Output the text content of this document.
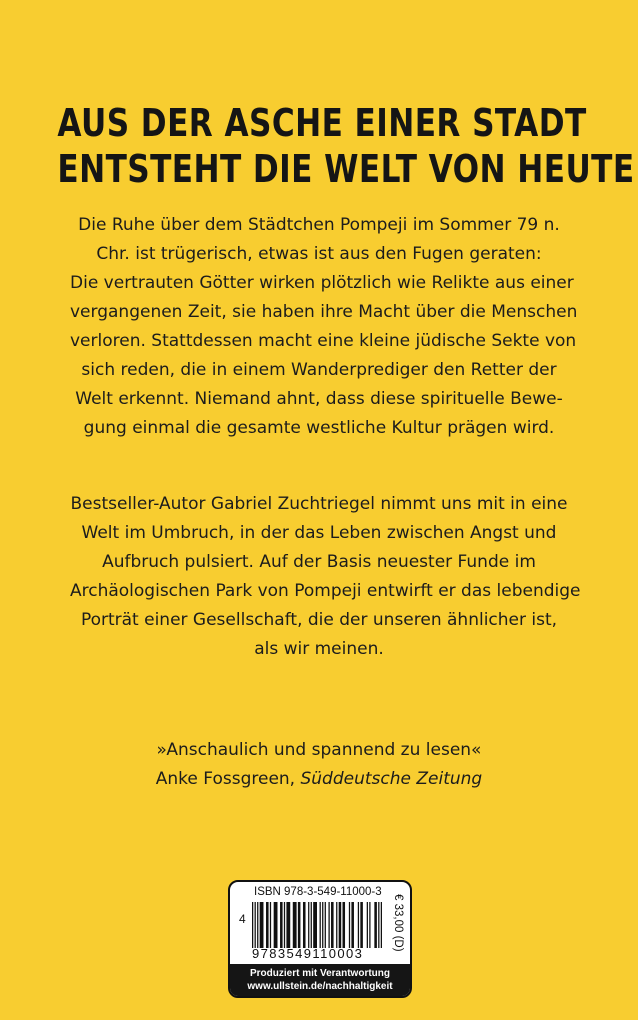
AUS DER ASCHE EINER STADT
ENTSTEHT DIE WELT VON HEUTE
Die Ruhe über dem Städtchen Pompeji im Sommer 79 n.
Chr. ist trügerisch, etwas ist aus den Fugen geraten:
Die vertrauten Götter wirken plötzlich wie Relikte aus einer
vergangenen Zeit, sie haben ihre Macht über die Menschen
verloren. Stattdessen macht eine kleine jüdische Sekte von
sich reden, die in einem Wanderprediger den Retter der
Welt erkennt. Niemand ahnt, dass diese spirituelle Bewe-
gung einmal die gesamte westliche Kultur prägen wird.
Bestseller-Autor Gabriel Zuchtriegel nimmt uns mit in eine
Welt im Umbruch, in der das Leben zwischen Angst und
Aufbruch pulsiert. Auf der Basis neuester Funde im
Archäologischen Park von Pompeji entwirft er das lebendige
Porträt einer Gesellschaft, die der unseren ähnlicher ist,
als wir meinen.
»Anschaulich und spannend zu lesen«
Anke Fossgreen, Süddeutsche Zeitung
ISBN 978-3-549-11000-3
4
9783549110003
€ 33,00 (D)
Produziert mit Verantwortung
www.ullstein.de/nachhaltigkeit
